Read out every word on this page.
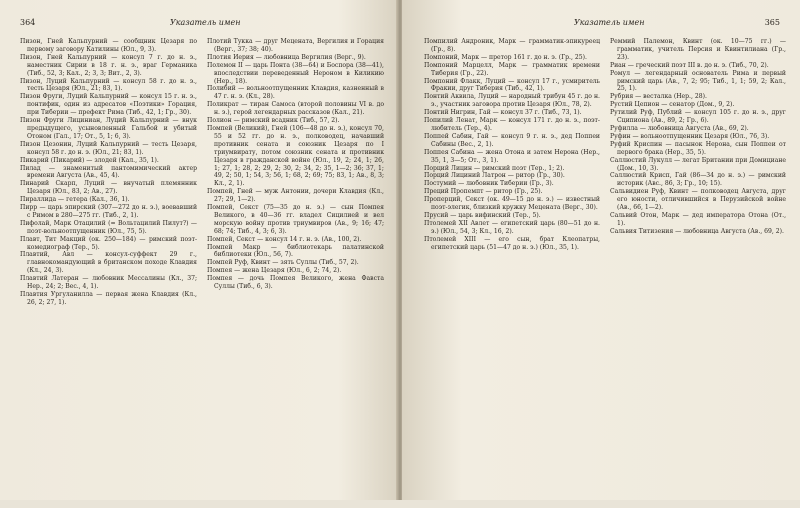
364	Указатель имен

Пизон, Гней Кальпурний — сообщник Цезаря по первому заговору Катилины (Юл., 9, 3).

Пизон, Гней Кальпурний — консул 7 г. до н. э., наместник Сирии в 18 г. н. э., враг Германика (Тиб., 52, 3; Кал., 2; 3, 3; Вит., 2, 3).

Пизон, Луций Кальпурний — консул 58 г. до н. э., тесть Цезаря (Юл., 21; 83, 1).

Пизон Фруги, Луций Кальпурний — консул 15 г. н. э., понтифик, один из адресатов «Поэтики» Горация, при Тиберии — префект Рима (Тиб., 42, 1; Гр., 30).

Пизон Фруги Лициниан, Луций Кальпурний — внук предыдущего, усыновленный Гальбой и убитый Отоном (Гал., 17; От., 5, 1; 6, 3).

Пизон Цезонин, Луций Кальпурний — тесть Цезаря, консул 58 г. до н. э. (Юл., 21; 83, 1).

Пикарий (Пикарий) — злодей (Кал., 35, 1).

Пилад — знаменитый пантомимический актер времени Августа (Ав., 45, 4).

Пинарий Скарп, Луций — внучатый племянник Цезаря (Юл., 83, 2; Ав., 27).

Пираллида — гетера (Кал., 36, 1).

Пирр — царь эпирский (307—272 до н. э.), воевавший с Римом в 280—275 гг. (Тиб., 2, 1).

Пифолай, Марк Отацилий (= Вольтацилий Пилут?) — поэт-вольноотпущенник (Юл., 75, 5).

Плавт, Тит Макций (ок. 250—184) — римский поэт-комедиограф (Тер., 5).

Плавтий, Авл — консул-суффект 29 г., главнокомандующий в британском походе Клавдия (Кл., 24, 3).

Плавтий Латеран — любовник Мессалины (Кл., 37; Нер., 24; 2; Вес., 4, 1).

Плавтия Ургуланилла — первая жена Клавдия (Кл., 26, 2; 27, 1).

Плотий Тукка — друг Мецената, Вергилия и Горация (Верг., 37; 38; 40).

Плотия Иерия — любовница Вергилия (Верг., 9).

Полемон II — царь Понта (38—64) и Боспора (38—41), впоследствии переведенный Нероном в Киликию (Нер., 18).

Полибий — вольноотпущенник Клавдия, казненный в 47 г. н. э. (Кл., 28).

Поликрат — тиран Самоса (второй половины VI в. до н. э.), герой легендарных рассказов (Кал., 21).

Полион — римский всадник (Тиб., 57, 2).

Помпей (Великий), Гней (106—48 до н. э.), консул 70, 55 и 52 гг. до н. э., полководец, начавший противник сената и союзник Цезаря по I триумвирату, потом союзник сената и противник Цезаря в гражданской войне (Юл., 19, 2; 24, 1; 26, 1; 27, 1; 28, 2; 29, 2; 30, 2; 34, 2; 35, 1—2; 36; 37, 1; 49, 2; 50, 1; 54, 3; 56, 1; 68, 2; 69; 75; 83, 1; Ав., 8, 3; Кл., 2, 1).

Помпей, Гней — муж Антонии, дочери Клавдия (Кл., 27; 29, 1—2).

Помпей, Секст (75—35 до н. э.) — сын Помпея Великого, в 40—36 гг. владел Сицилией и вел морскую войну против триумвиров (Ав., 9; 16; 47; 68; 74; Тиб., 4, 3; 6, 3).

Помпей, Секст — консул 14 г. н. э. (Ав., 100, 2).

Помпей Макр — библиотекарь палатинской библиотеки (Юл., 56, 7).

Помпей Руф, Квинт — зять Суллы (Тиб., 57, 2).

Помпея — жена Цезаря (Юл., 6, 2; 74, 2).

Помпея — дочь Помпея Великого, жена Фавста Суллы (Тиб., 6, 3).

Указатель имен	365

Помпилий Андроник, Марк — грамматик-эпикуреец (Гр., 8).

Помпоний, Марк — претор 161 г. до н. э. (Гр., 25).

Помпоний Марцелл, Марк — грамматик времени Тиберия (Гр., 22).

Помпоний Флакк, Луций — консул 17 г., усмиритель Фракии, друг Тиберия (Тиб., 42, 1).

Понтий Аквила, Луций — народный трибун 45 г. до н. э., участник заговора против Цезаря (Юл., 78, 2).

Понтий Нигрин, Гай — консул 37 г. (Тиб., 73, 1).

Попилий Ленат, Марк — консул 171 г. до н. э., поэт-любитель (Тер., 4).

Поппей Сабин, Гай — консул 9 г. н. э., дед Поппеи Сабины (Вес., 2, 1).

Поппея Сабина — жена Отона и затем Нерона (Нер., 35, 1, 3—5; От., 3, 1).

Порций Лицин — римский поэт (Тер., 1; 2).

Порций Лициний Латрон — ритор (Гр., 30).

Постумий — любовник Тиберии (Гр., 3).

Преций Пропемпт — ритор (Гр., 25).

Проперций, Секст (ок. 49—15 до н. э.) — известный поэт-элегик, близкий кружку Мецената (Верг., 30).

Прусий — царь вифинский (Тер., 5).

Птолемей XII Авлет — египетский царь (80—51 до н. э.) (Юл., 54, 3; Кл., 16, 2).

Птолемей XIII — его сын, брат Клеопатры, египетский царь (51—47 до н. э.) (Юл., 35, 1).

Реммий Палемон, Квинт (ок. 10—75 гг.) — грамматик, учитель Персия и Квинтилиана (Гр., 23).

Риан — греческий поэт III в. до н. э. (Тиб., 70, 2).

Ромул — легендарный основатель Рима и первый римский царь (Ав., 7, 2; 95; Тиб., 1, 1; 59, 2; Кал., 25, 1).

Рубрия — весталка (Нер., 28).

Рустий Цепион — сенатор (Дом., 9, 2).

Рутилий Руф, Публий — консул 105 г. до н. э., друг Сципиона (Ав., 89, 2; Гр., 6).

Руфилла — любовница Августа (Ав., 69, 2).

Руфин — вольноотпущенник Цезаря (Юл., 76, 3).

Руфий Криспин — пасынок Нерона, сын Поппеи от первого брака (Нер., 35, 5).

Саллюстий Лукулл — легат Британии при Домициане (Дом., 10, 3).

Саллюстий Крисп, Гай (86—34 до н. э.) — римский историк (Авс., 86, 3; Гр., 10; 15).

Сальвидиен Руф, Квинт — полководец Августа, друг его юности, отличившийся в Перузийской войне (Ав., 66, 1—2).

Сальвий Отон, Марк — дед императора Отона (От., 1).

Сальвия Титизения — любовница Августа (Ав., 69, 2).
